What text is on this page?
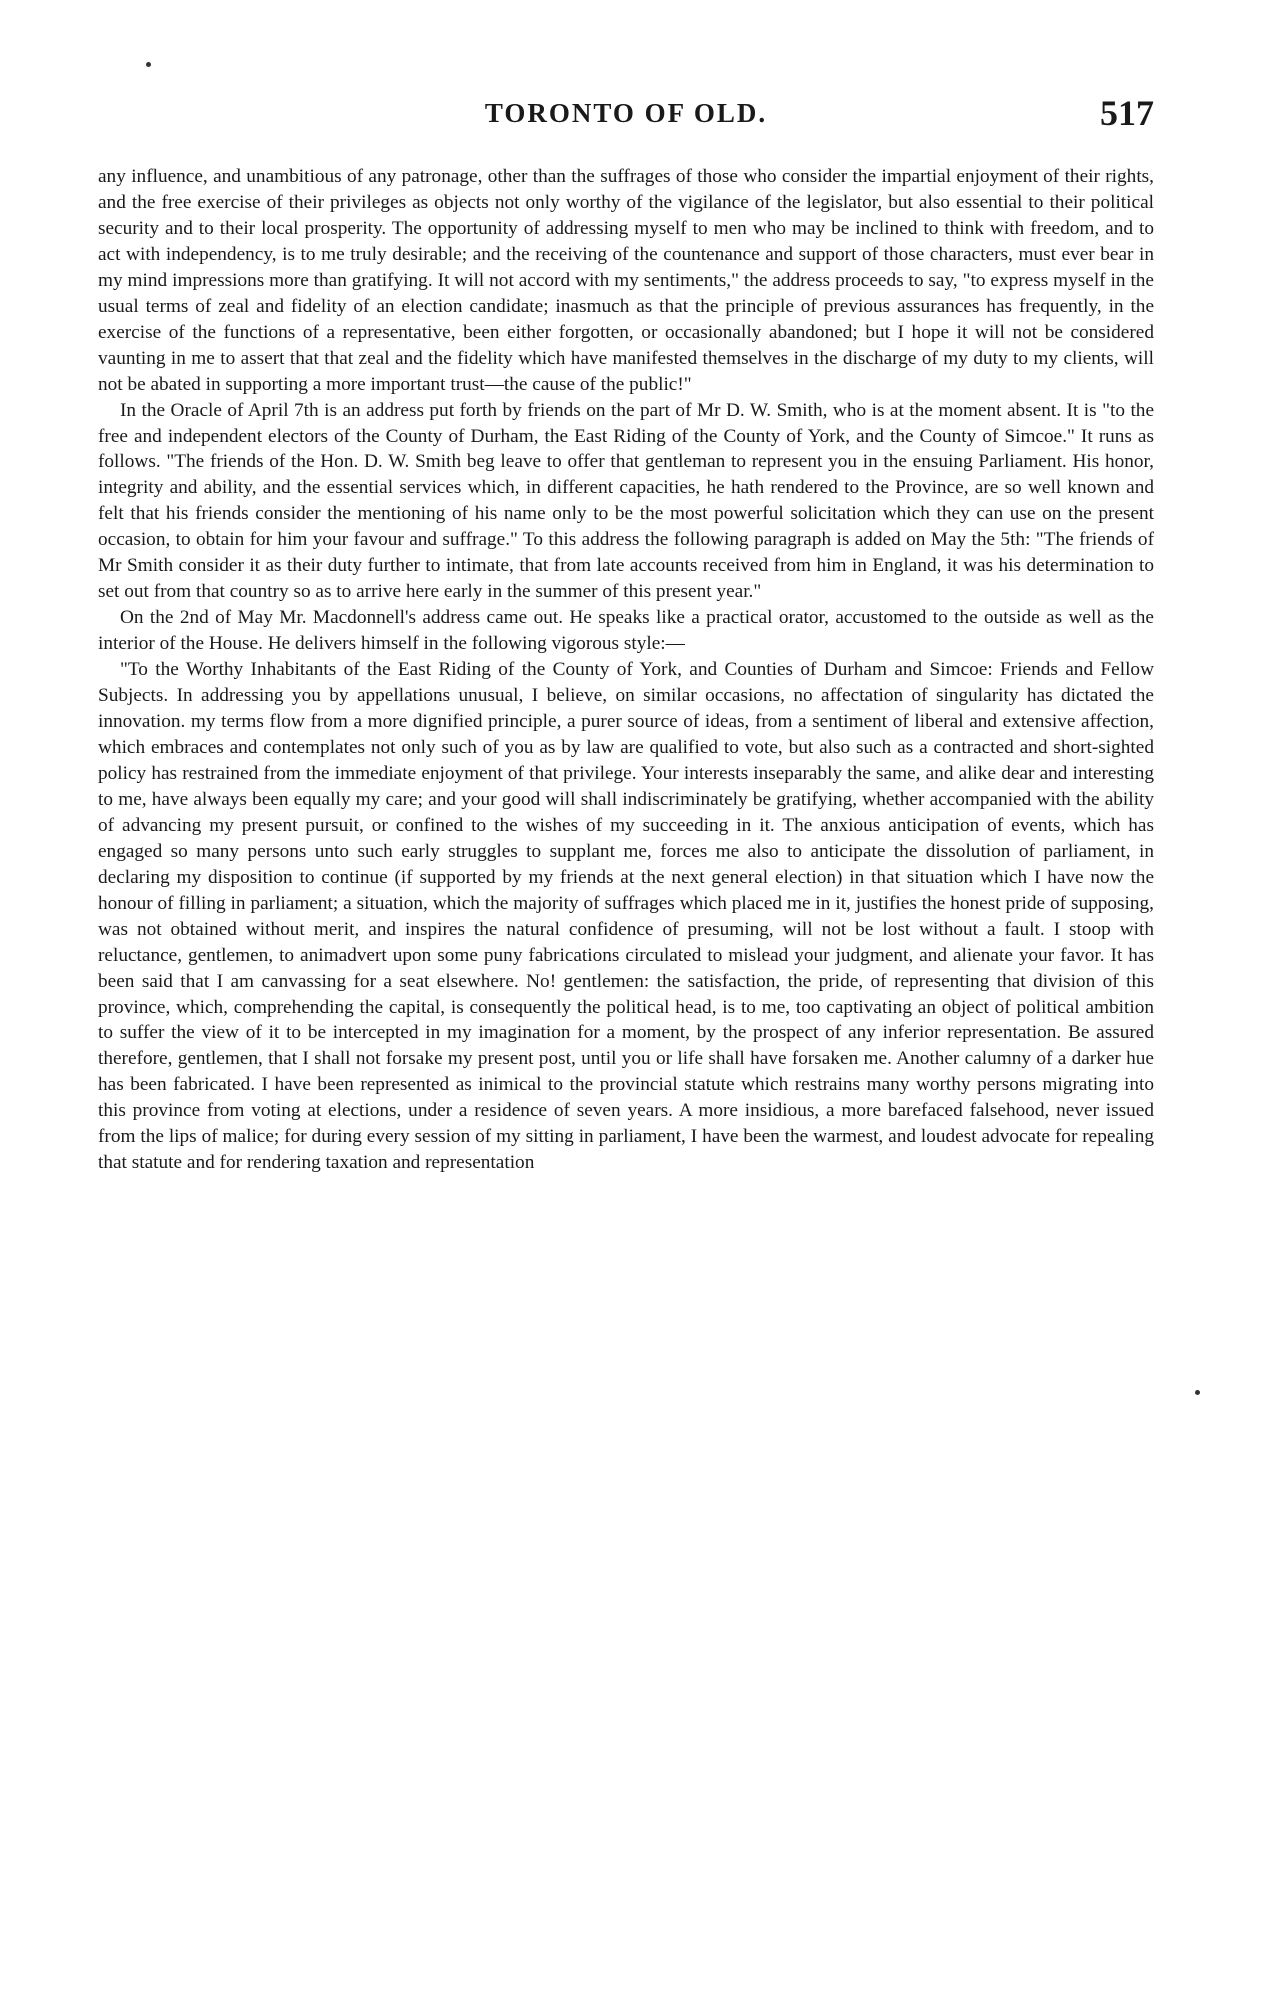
TORONTO OF OLD.	517

any influence, and unambitious of any patronage, other than the suffrages of those who consider the impartial enjoyment of their rights, and the free exercise of their privileges as objects not only worthy of the vigilance of the legislator, but also essential to their political security and to their local prosperity. The opportunity of addressing myself to men who may be inclined to think with freedom, and to act with independency, is to me truly desirable; and the receiving of the countenance and support of those characters, must ever bear in my mind impressions more than gratifying. It will not accord with my sentiments," the address proceeds to say, "to express myself in the usual terms of zeal and fidelity of an election candidate; inasmuch as that the principle of previous assurances has frequently, in the exercise of the functions of a representative, been either forgotten, or occasionally abandoned; but I hope it will not be considered vaunting in me to assert that that zeal and the fidelity which have manifested themselves in the discharge of my duty to my clients, will not be abated in supporting a more important trust—the cause of the public!"

In the Oracle of April 7th is an address put forth by friends on the part of Mr D. W. Smith, who is at the moment absent. It is "to the free and independent electors of the County of Durham, the East Riding of the County of York, and the County of Simcoe." It runs as follows. "The friends of the Hon. D. W. Smith beg leave to offer that gentleman to represent you in the ensuing Parliament. His honor, integrity and ability, and the essential services which, in different capacities, he hath rendered to the Province, are so well known and felt that his friends consider the mentioning of his name only to be the most powerful solicitation which they can use on the present occasion, to obtain for him your favour and suffrage." To this address the following paragraph is added on May the 5th: "The friends of Mr Smith consider it as their duty further to intimate, that from late accounts received from him in England, it was his determination to set out from that country so as to arrive here early in the summer of this present year."

On the 2nd of May Mr. Macdonnell's address came out. He speaks like a practical orator, accustomed to the outside as well as the interior of the House. He delivers himself in the following vigorous style:—

"To the Worthy Inhabitants of the East Riding of the County of York, and Counties of Durham and Simcoe: Friends and Fellow Subjects. In addressing you by appellations unusual, I believe, on similar occasions, no affectation of singularity has dictated the innovation. my terms flow from a more dignified principle, a purer source of ideas, from a sentiment of liberal and extensive affection, which embraces and contemplates not only such of you as by law are qualified to vote, but also such as a contracted and short-sighted policy has restrained from the immediate enjoyment of that privilege. Your interests inseparably the same, and alike dear and interesting to me, have always been equally my care; and your good will shall indiscriminately be gratifying, whether accompanied with the ability of advancing my present pursuit, or confined to the wishes of my succeeding in it. The anxious anticipation of events, which has engaged so many persons unto such early struggles to supplant me, forces me also to anticipate the dissolution of parliament, in declaring my disposition to continue (if supported by my friends at the next general election) in that situation which I have now the honour of filling in parliament; a situation, which the majority of suffrages which placed me in it, justifies the honest pride of supposing, was not obtained without merit, and inspires the natural confidence of presuming, will not be lost without a fault. I stoop with reluctance, gentlemen, to animadvert upon some puny fabrications circulated to mislead your judgment, and alienate your favor. It has been said that I am canvassing for a seat elsewhere. No! gentlemen: the satisfaction, the pride, of representing that division of this province, which, comprehending the capital, is consequently the political head, is to me, too captivating an object of political ambition to suffer the view of it to be intercepted in my imagination for a moment, by the prospect of any inferior representation. Be assured therefore, gentlemen, that I shall not forsake my present post, until you or life shall have forsaken me. Another calumny of a darker hue has been fabricated. I have been represented as inimical to the provincial statute which restrains many worthy persons migrating into this province from voting at elections, under a residence of seven years. A more insidious, a more barefaced falsehood, never issued from the lips of malice; for during every session of my sitting in parliament, I have been the warmest, and loudest advocate for repealing that statute and for rendering taxation and representation
